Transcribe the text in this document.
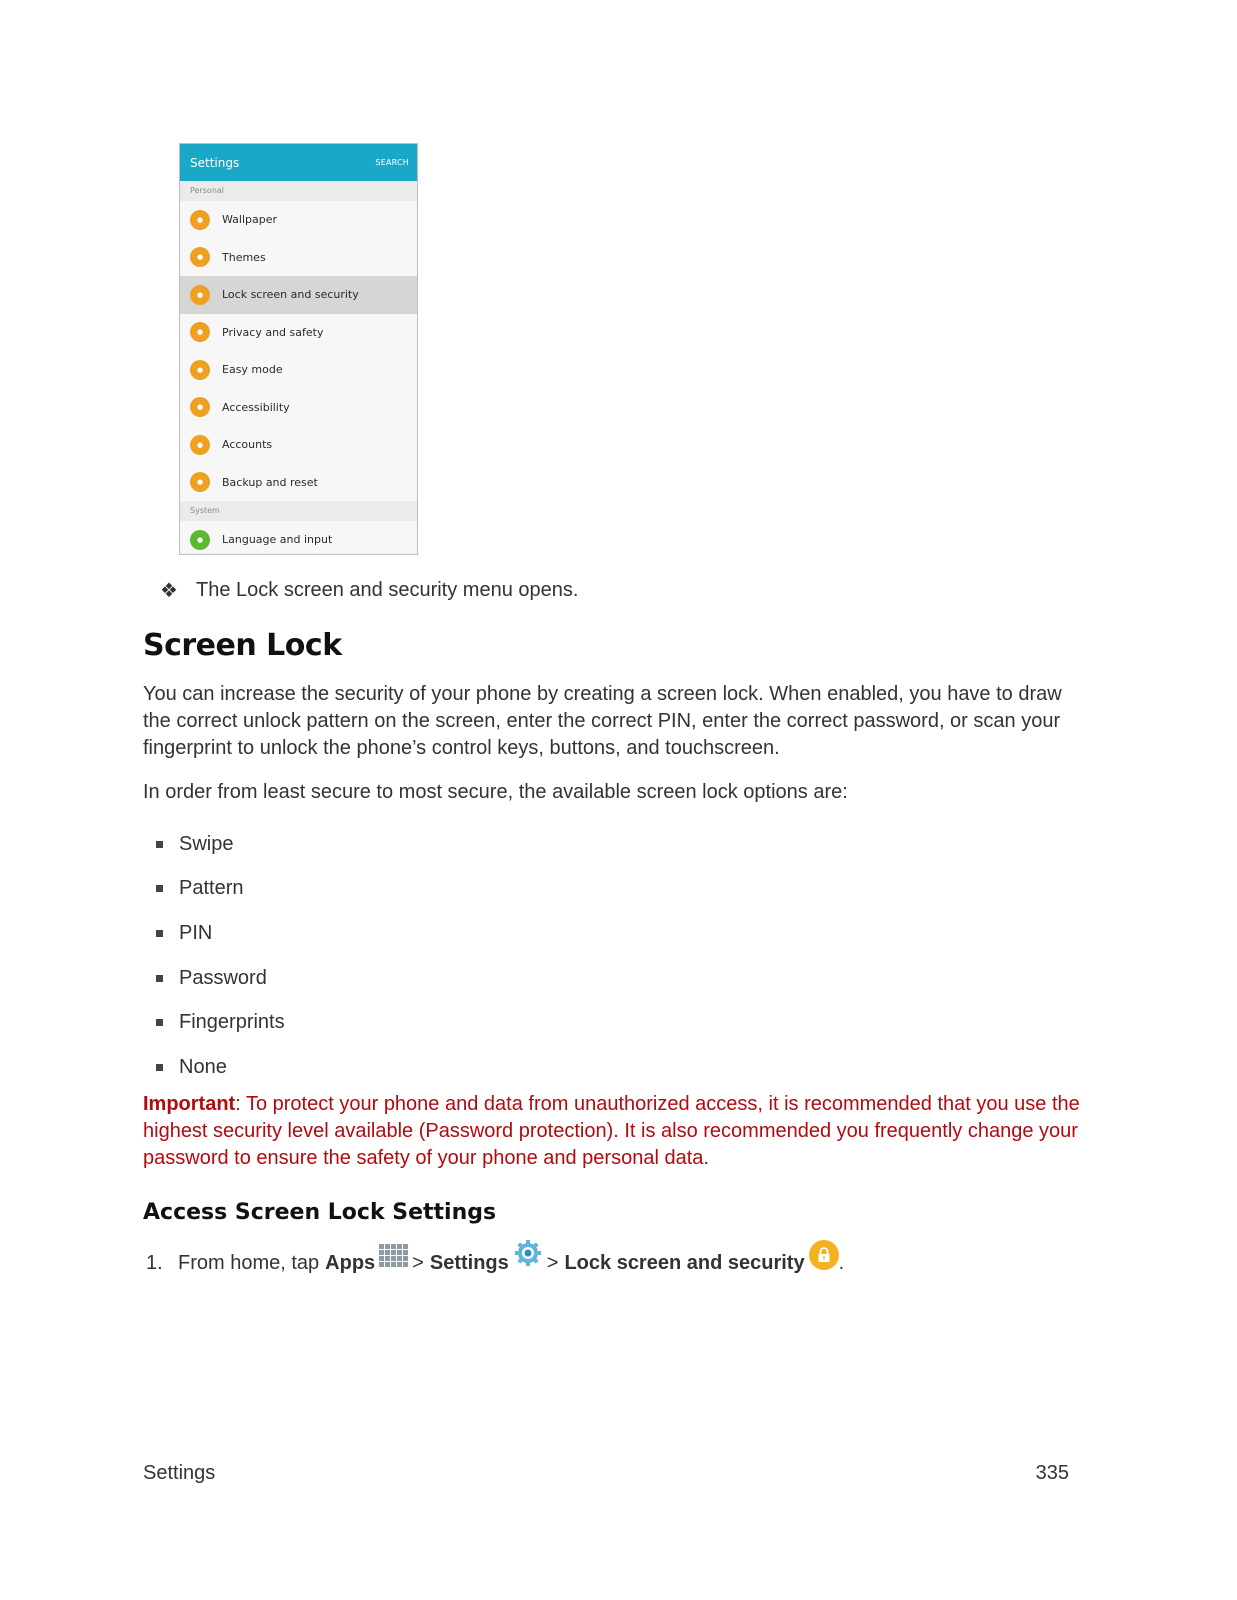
Settings	SEARCH
Personal
●	Wallpaper
●	Themes
●	Lock screen and security
●	Privacy and safety
●	Easy mode
●	Accessibility
●	Accounts
●	Backup and reset
System
●	Language and input
❖ The Lock screen and security menu opens.
Screen Lock

You can increase the security of your phone by creating a screen lock. When enabled, you have to draw the correct unlock pattern on the screen, enter the correct PIN, enter the correct password, or scan your fingerprint to unlock the phone’s control keys, buttons, and touchscreen.

In order from least secure to most secure, the available screen lock options are:

Swipe
Pattern
PIN
Password
Fingerprints
None

Important: To protect your phone and data from unauthorized access, it is recommended that you use the highest security level available (Password protection). It is also recommended you frequently change your password to ensure the safety of your phone and personal data.

Access Screen Lock Settings
1. From home, tap Apps > Settings > Lock screen and security .
Settings	335
